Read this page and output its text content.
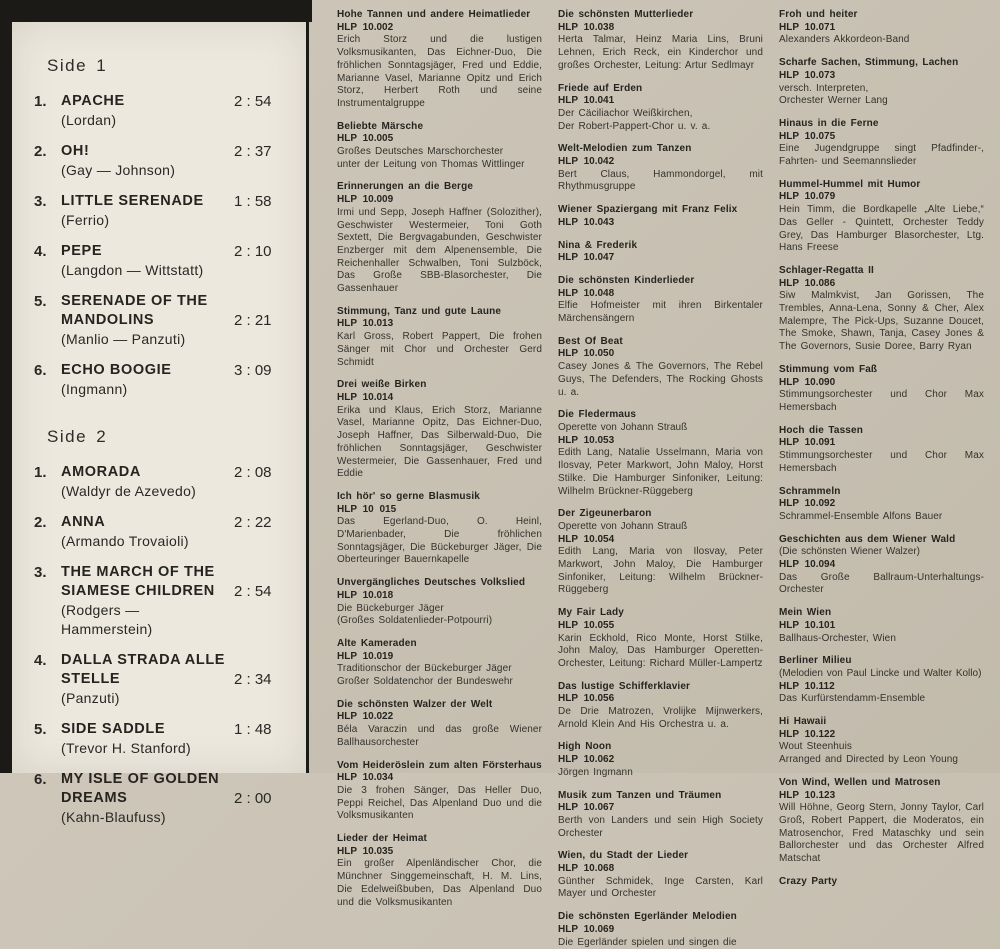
Side 1
1. APACHE
(Lordan)
2 : 54
2. OH!
(Gay — Johnson)
2 : 37
3. LITTLE SERENADE
(Ferrio)
1 : 58
4. PEPE
(Langdon — Wittstatt)
2 : 10
5. SERENADE OF THE MANDOLINS
(Manlio — Panzuti)
2 : 21
6. ECHO BOOGIE
(Ingmann)
3 : 09
Side 2
1. AMORADA
(Waldyr de Azevedo)
2 : 08
2. ANNA
(Armando Trovaioli)
2 : 22
3. THE MARCH OF THE SIAMESE CHILDREN
(Rodgers — Hammerstein)
2 : 54
4. DALLA STRADA ALLE STELLE
(Panzuti)
2 : 34
5. SIDE SADDLE
(Trevor H. Stanford)
1 : 48
6. MY ISLE OF GOLDEN DREAMS
(Kahn-Blaufuss)
2 : 00
Hohe Tannen und andere Heimatlieder
HLP 10.002
Erich Storz und die lustigen Volksmusikanten, Das Eichner-Duo, Die fröhlichen Sonntagsjäger, Fred und Eddie, Marianne Vasel, Marianne Opitz und Erich Storz, Herbert Roth und seine Instrumentalgruppe
Beliebte Märsche
HLP 10.005
Großes Deutsches Marschorchester
unter der Leitung von Thomas Wittlinger
Erinnerungen an die Berge
HLP 10.009
Irmi und Sepp, Joseph Haffner (Solozither), Geschwister Westermeier, Toni Goth Sextett, Die Bergvagabunden, Geschwister Enzberger mit dem Alpenensemble, Die Reichenhaller Schwalben, Toni Sulzböck, Das Große SBB-Blasorchester, Die Gassenhauer
Stimmung, Tanz und gute Laune
HLP 10.013
Karl Gross, Robert Pappert, Die frohen Sänger mit Chor und Orchester Gerd Schmidt
Drei weiße Birken
HLP 10.014
Erika und Klaus, Erich Storz, Marianne Vasel, Marianne Opitz, Das Eichner-Duo, Joseph Haffner, Das Silberwald-Duo, Die fröhlichen Sonntagsjäger, Geschwister Westermeier, Die Gassenhauer, Fred und Eddie
Ich hör' so gerne Blasmusik
HLP 10 015
Das Egerland-Duo, O. Heinl, D'Marienbader, Die fröhlichen Sonntagsjäger, Die Bückeburger Jäger, Die Oberteuringer Bauernkapelle
Unvergängliches Deutsches Volkslied
HLP 10.018
Die Bückeburger Jäger
(Großes Soldatenlieder-Potpourri)
Alte Kameraden
HLP 10.019
Traditionschor der Bückeburger Jäger
Großer Soldatenchor der Bundeswehr
Die schönsten Walzer der Welt
HLP 10.022
Béla Varaczin und das große Wiener Ballhausorchester
Vom Heideröslein zum alten Försterhaus
HLP 10.034
Die 3 frohen Sänger, Das Heller Duo, Peppi Reichel, Das Alpenland Duo und die Volksmusikanten
Lieder der Heimat
HLP 10.035
Ein großer Alpenländischer Chor, die Münchner Singgemeinschaft, H. M. Lins, Die Edelweißbuben, Das Alpenland Duo und die Volksmusikanten
Die schönsten Mutterlieder
HLP 10.038
Herta Talmar, Heinz Maria Lins, Bruni Lehnen, Erich Reck, ein Kinderchor und großes Orchester, Leitung: Artur Sedlmayr
Friede auf Erden
HLP 10.041
Der Cäciliachor Weißkirchen,
Der Robert-Pappert-Chor u. v. a.
Welt-Melodien zum Tanzen
HLP 10.042
Bert Claus, Hammondorgel, mit Rhythmusgruppe
Wiener Spaziergang mit Franz Felix
HLP 10.043
Nina & Frederik
HLP 10.047
Die schönsten Kinderlieder
HLP 10.048
Elfie Hofmeister mit ihren Birkentaler Märchensängern
Best Of Beat
HLP 10.050
Casey Jones & The Governors, The Rebel Guys, The Defenders, The Rocking Ghosts u. a.
Die Fledermaus
Operette von Johann Strauß
HLP 10.053
Edith Lang, Natalie Usselmann, Maria von Ilosvay, Peter Markwort, John Maloy, Horst Stilke. Die Hamburger Sinfoniker, Leitung: Wilhelm Brückner-Rüggeberg
Der Zigeunerbaron
Operette von Johann Strauß
HLP 10.054
Edith Lang, Maria von Ilosvay, Peter Markwort, John Maloy, Die Hamburger Sinfoniker, Leitung: Wilhelm Brückner-Rüggeberg
My Fair Lady
HLP 10.055
Karin Eckhold, Rico Monte, Horst Stilke, John Maloy, Das Hamburger Operetten-Orchester, Leitung: Richard Müller-Lampertz
Das lustige Schifferklavier
HLP 10.056
De Drie Matrozen, Vrolijke Mijnwerkers, Arnold Klein And His Orchestra u. a.
High Noon
HLP 10.062
Jörgen Ingmann
Musik zum Tanzen und Träumen
HLP 10.067
Berth von Landers und sein High Society Orchester
Wien, du Stadt der Lieder
HLP 10.068
Günther Schmidek, Inge Carsten, Karl Mayer und Orchester
Die schönsten Egerländer Melodien
HLP 10.069
Die Egerländer spielen und singen die
Froh und heiter
HLP 10.071
Alexanders Akkordeon-Band
Scharfe Sachen, Stimmung, Lachen
HLP 10.073
versch. Interpreten,
Orchester Werner Lang
Hinaus in die Ferne
HLP 10.075
Eine Jugendgruppe singt Pfadfinder-, Fahrten- und Seemannslieder
Hummel-Hummel mit Humor
HLP 10.079
Hein Timm, die Bordkapelle „Alte Liebe,“ Das Geller - Quintett, Orchester Teddy Grey, Das Hamburger Blasorchester, Ltg. Hans Freese
Schlager-Regatta II
HLP 10.086
Siw Malmkvist, Jan Gorissen, The Trembles, Anna-Lena, Sonny & Cher, Alex Malempre, The Pick-Ups, Suzanne Doucet, The Smoke, Shawn, Tanja, Casey Jones & The Governors, Susie Doree, Barry Ryan
Stimmung vom Faß
HLP 10.090
Stimmungsorchester und Chor Max Hemersbach
Hoch die Tassen
HLP 10.091
Stimmungsorchester und Chor Max Hemersbach
Schrammeln
HLP 10.092
Schrammel-Ensemble Alfons Bauer
Geschichten aus dem Wiener Wald
(Die schönsten Wiener Walzer)
HLP 10.094
Das Große Ballraum-Unterhaltungs-Orchester
Mein Wien
HLP 10.101
Ballhaus-Orchester, Wien
Berliner Milieu
(Melodien von Paul Lincke und Walter Kollo)
HLP 10.112
Das Kurfürstendamm-Ensemble
Hi Hawaii
HLP 10.122
Wout Steenhuis
Arranged and Directed by Leon Young
Von Wind, Wellen und Matrosen
HLP 10.123
Will Höhne, Georg Stern, Jonny Taylor, Carl Groß, Robert Pappert, die Moderatos, ein Matrosenchor, Fred Mataschky und sein Ballorchester und das Orchester Alfred Matschat
Crazy Party
